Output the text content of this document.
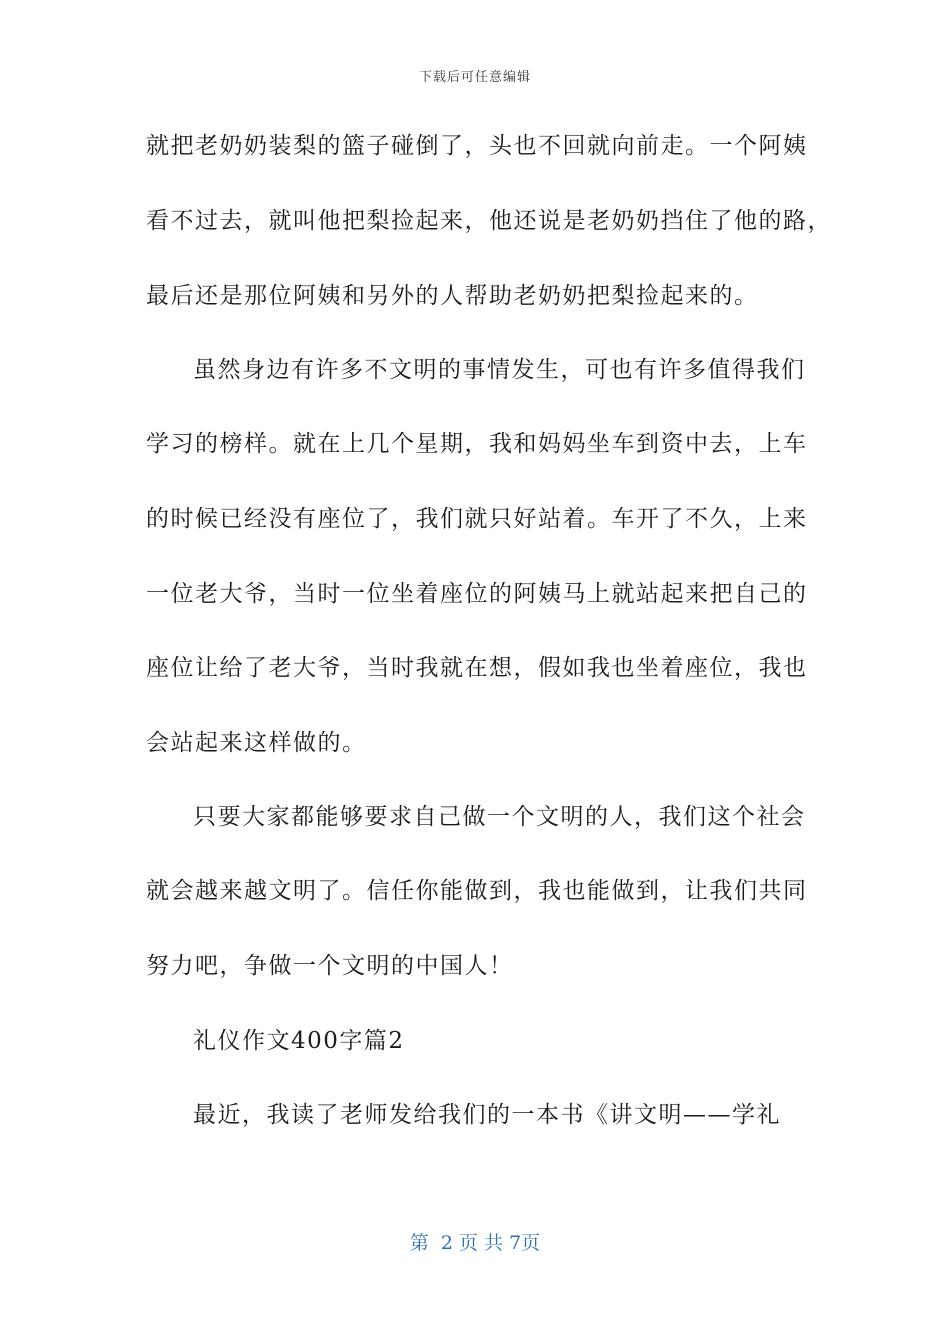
下载后可任意编辑
就把老奶奶装梨的篮子碰倒了，头也不回就向前走。一个阿姨
看不过去，就叫他把梨捡起来，他还说是老奶奶挡住了他的路，
最后还是那位阿姨和另外的人帮助老奶奶把梨捡起来的。
虽然身边有许多不文明的事情发生，可也有许多值得我们
学习的榜样。就在上几个星期，我和妈妈坐车到资中去，上车
的时候已经没有座位了，我们就只好站着。车开了不久，上来
一位老大爷，当时一位坐着座位的阿姨马上就站起来把自己的
座位让给了老大爷，当时我就在想，假如我也坐着座位，我也
会站起来这样做的。
只要大家都能够要求自己做一个文明的人，我们这个社会
就会越来越文明了。信任你能做到，我也能做到，让我们共同
努力吧，争做一个文明的中国人！
礼仪作文400字篇2
最近，我读了老师发给我们的一本书《讲文明——学礼
第  2 页 共 7页
